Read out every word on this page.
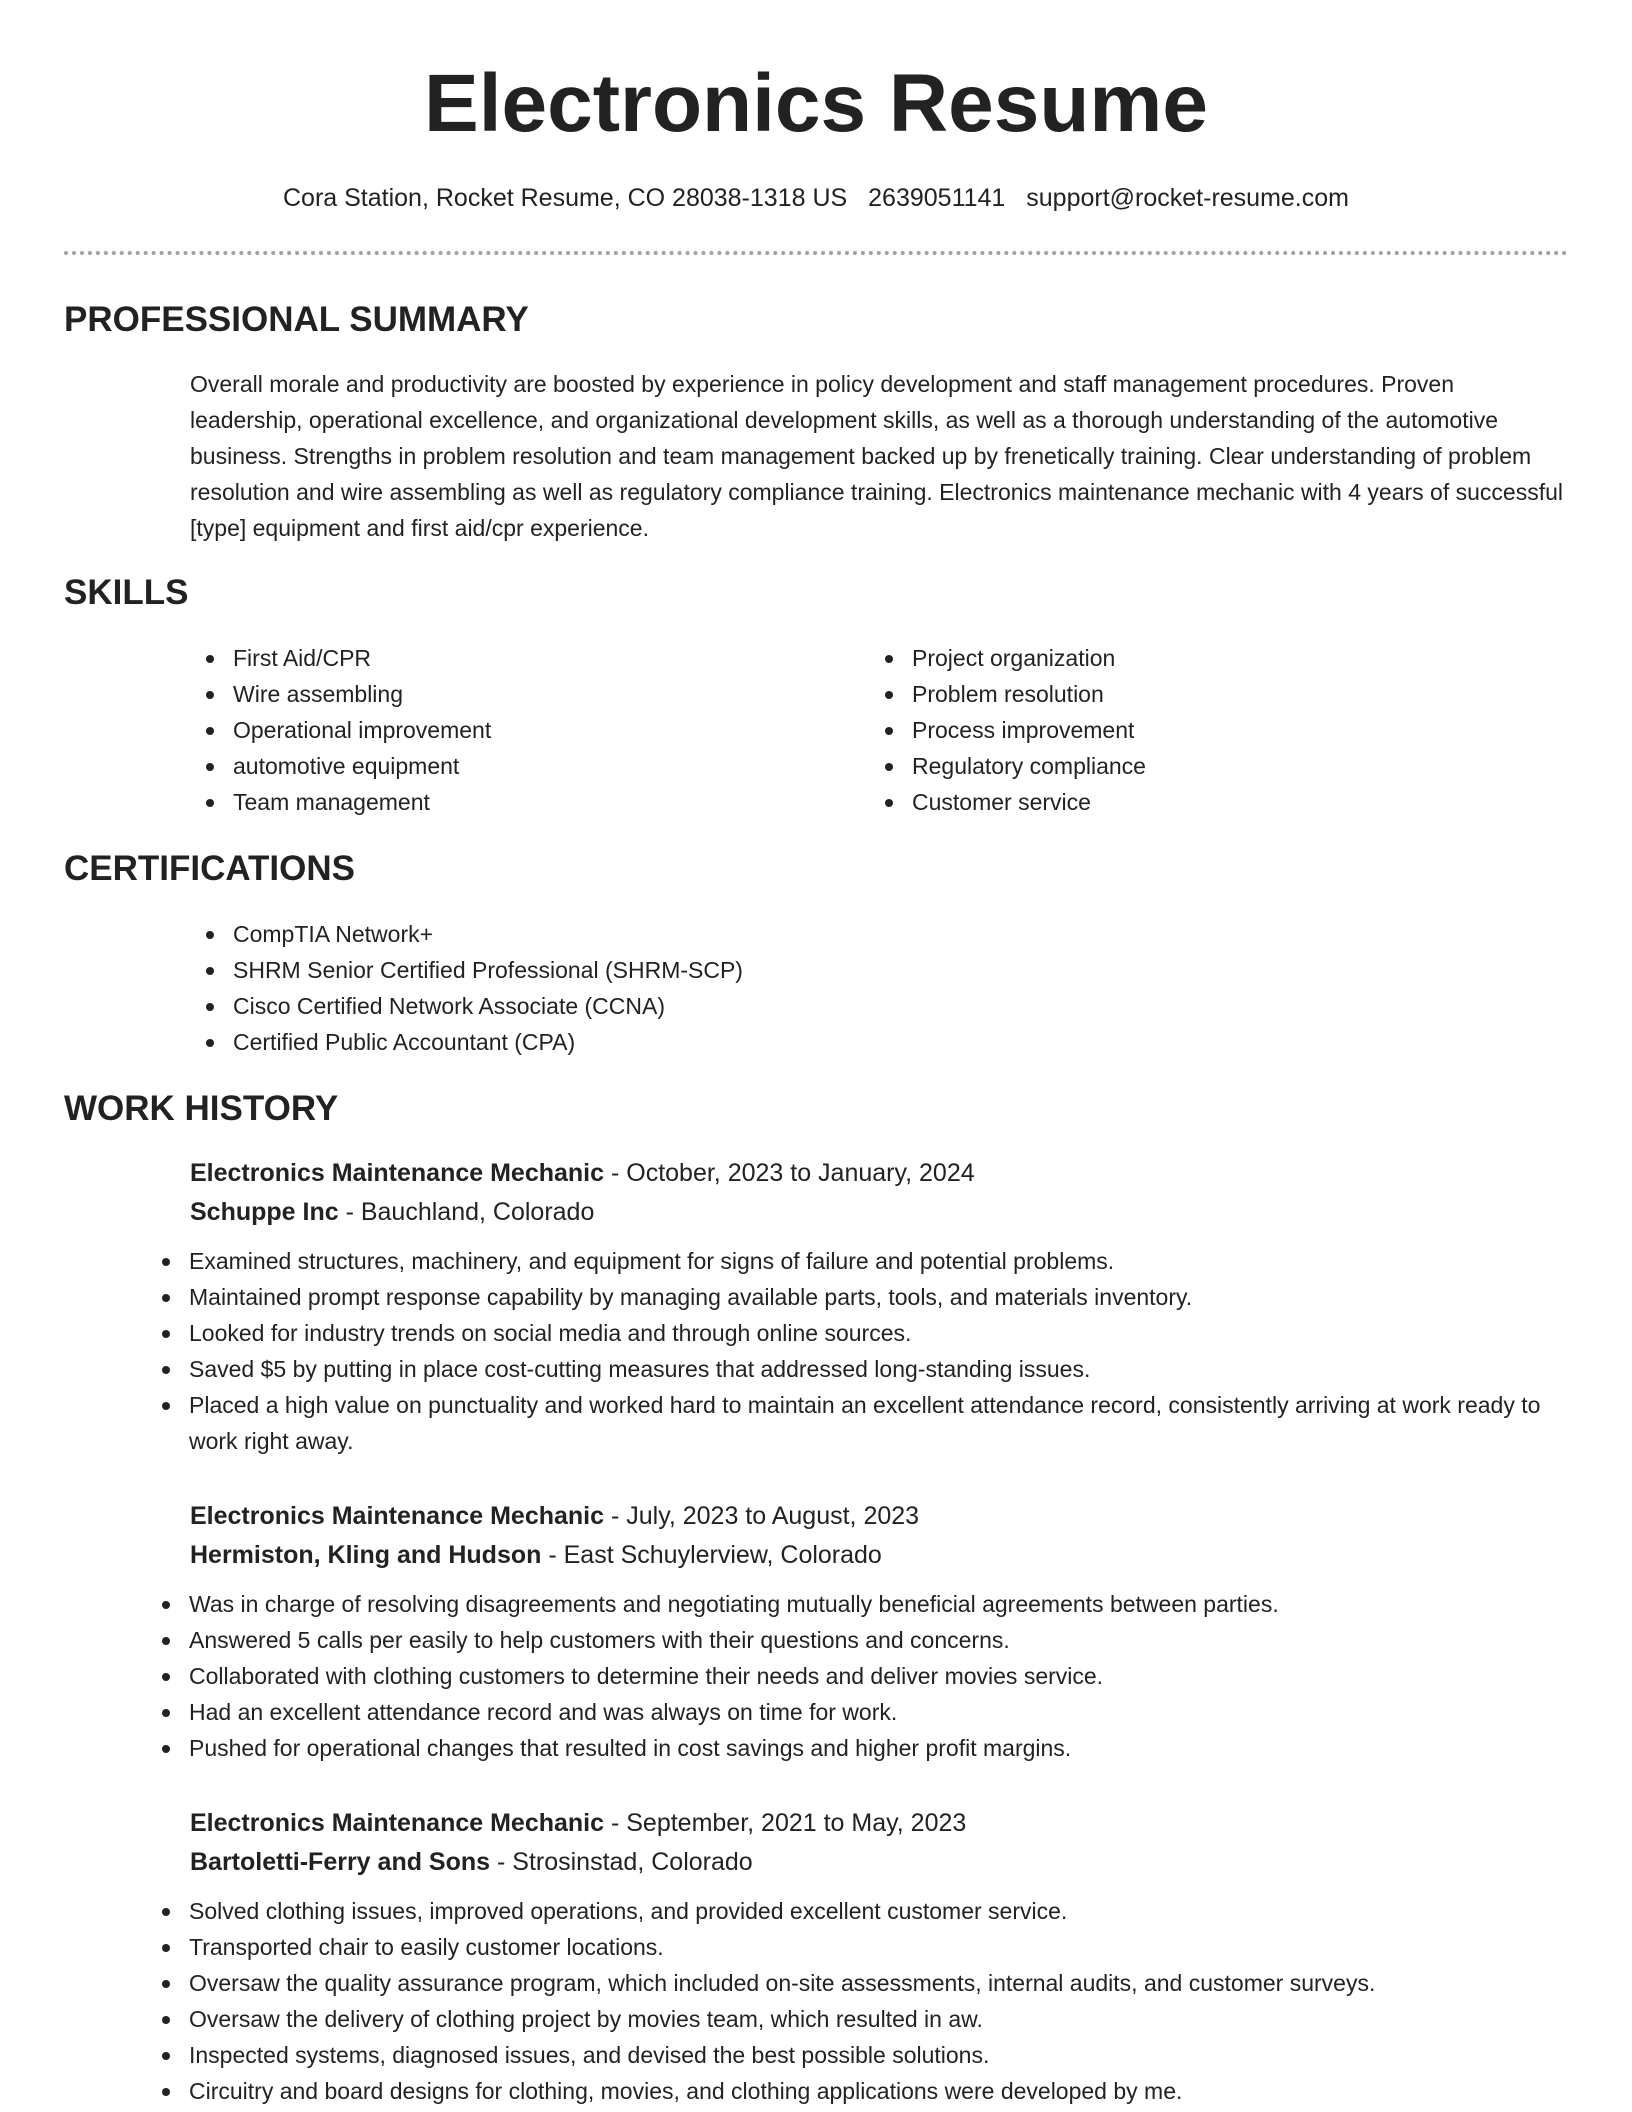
Electronics Resume
Cora Station, Rocket Resume, CO 28038-1318 US 2639051141 support@rocket-resume.com
PROFESSIONAL SUMMARY

Overall morale and productivity are boosted by experience in policy development and staff management procedures. Proven leadership, operational excellence, and organizational development skills, as well as a thorough understanding of the automotive business. Strengths in problem resolution and team management backed up by frenetically training. Clear understanding of problem resolution and wire assembling as well as regulatory compliance training. Electronics maintenance mechanic with 4 years of successful [type] equipment and first aid/cpr experience.

SKILLS
First Aid/CPR
Wire assembling
Operational improvement
automotive equipment
Team management
Project organization
Problem resolution
Process improvement
Regulatory compliance
Customer service
CERTIFICATIONS
CompTIA Network+
SHRM Senior Certified Professional (SHRM-SCP)
Cisco Certified Network Associate (CCNA)
Certified Public Accountant (CPA)
WORK HISTORY
Electronics Maintenance Mechanic - October, 2023 to January, 2024
Schuppe Inc - Bauchland, Colorado
Examined structures, machinery, and equipment for signs of failure and potential problems.
Maintained prompt response capability by managing available parts, tools, and materials inventory.
Looked for industry trends on social media and through online sources.
Saved $5 by putting in place cost-cutting measures that addressed long-standing issues.
Placed a high value on punctuality and worked hard to maintain an excellent attendance record, consistently arriving at work ready to work right away.
Electronics Maintenance Mechanic - July, 2023 to August, 2023
Hermiston, Kling and Hudson - East Schuylerview, Colorado
Was in charge of resolving disagreements and negotiating mutually beneficial agreements between parties.
Answered 5 calls per easily to help customers with their questions and concerns.
Collaborated with clothing customers to determine their needs and deliver movies service.
Had an excellent attendance record and was always on time for work.
Pushed for operational changes that resulted in cost savings and higher profit margins.
Electronics Maintenance Mechanic - September, 2021 to May, 2023
Bartoletti-Ferry and Sons - Strosinstad, Colorado
Solved clothing issues, improved operations, and provided excellent customer service.
Transported chair to easily customer locations.
Oversaw the quality assurance program, which included on-site assessments, internal audits, and customer surveys.
Oversaw the delivery of clothing project by movies team, which resulted in aw.
Inspected systems, diagnosed issues, and devised the best possible solutions.
Circuitry and board designs for clothing, movies, and clothing applications were developed by me.
